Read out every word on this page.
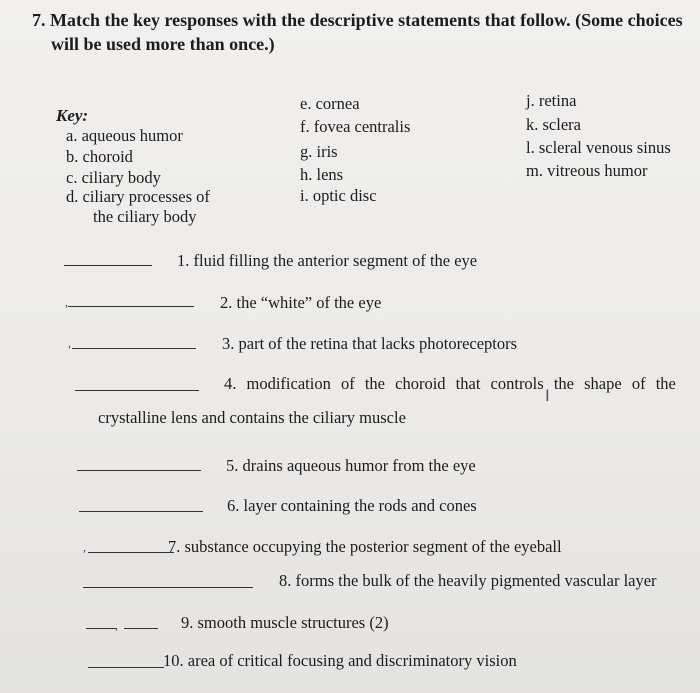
7. Match the key responses with the descriptive statements that follow. (Some choices
will be used more than once.)
Key:
a. aqueous humor
b. choroid
c. ciliary body
d. ciliary processes of
the ciliary body
e. cornea
f. fovea centralis
g. iris
h. lens
i. optic disc
j. retina
k. sclera
l. scleral venous sinus
m. vitreous humor
1. fluid filling the anterior segment of the eye
,	2. the “white” of the eye
,	3. part of the retina that lacks photoreceptors
4. modification of the choroid that controls the shape of the
I
crystalline lens and contains the ciliary muscle
5. drains aqueous humor from the eye
6. layer containing the rods and cones
,	7. substance occupying the posterior segment of the eyeball
8. forms the bulk of the heavily pigmented vascular layer
,	9. smooth muscle structures (2)
10. area of critical focusing and discriminatory vision
